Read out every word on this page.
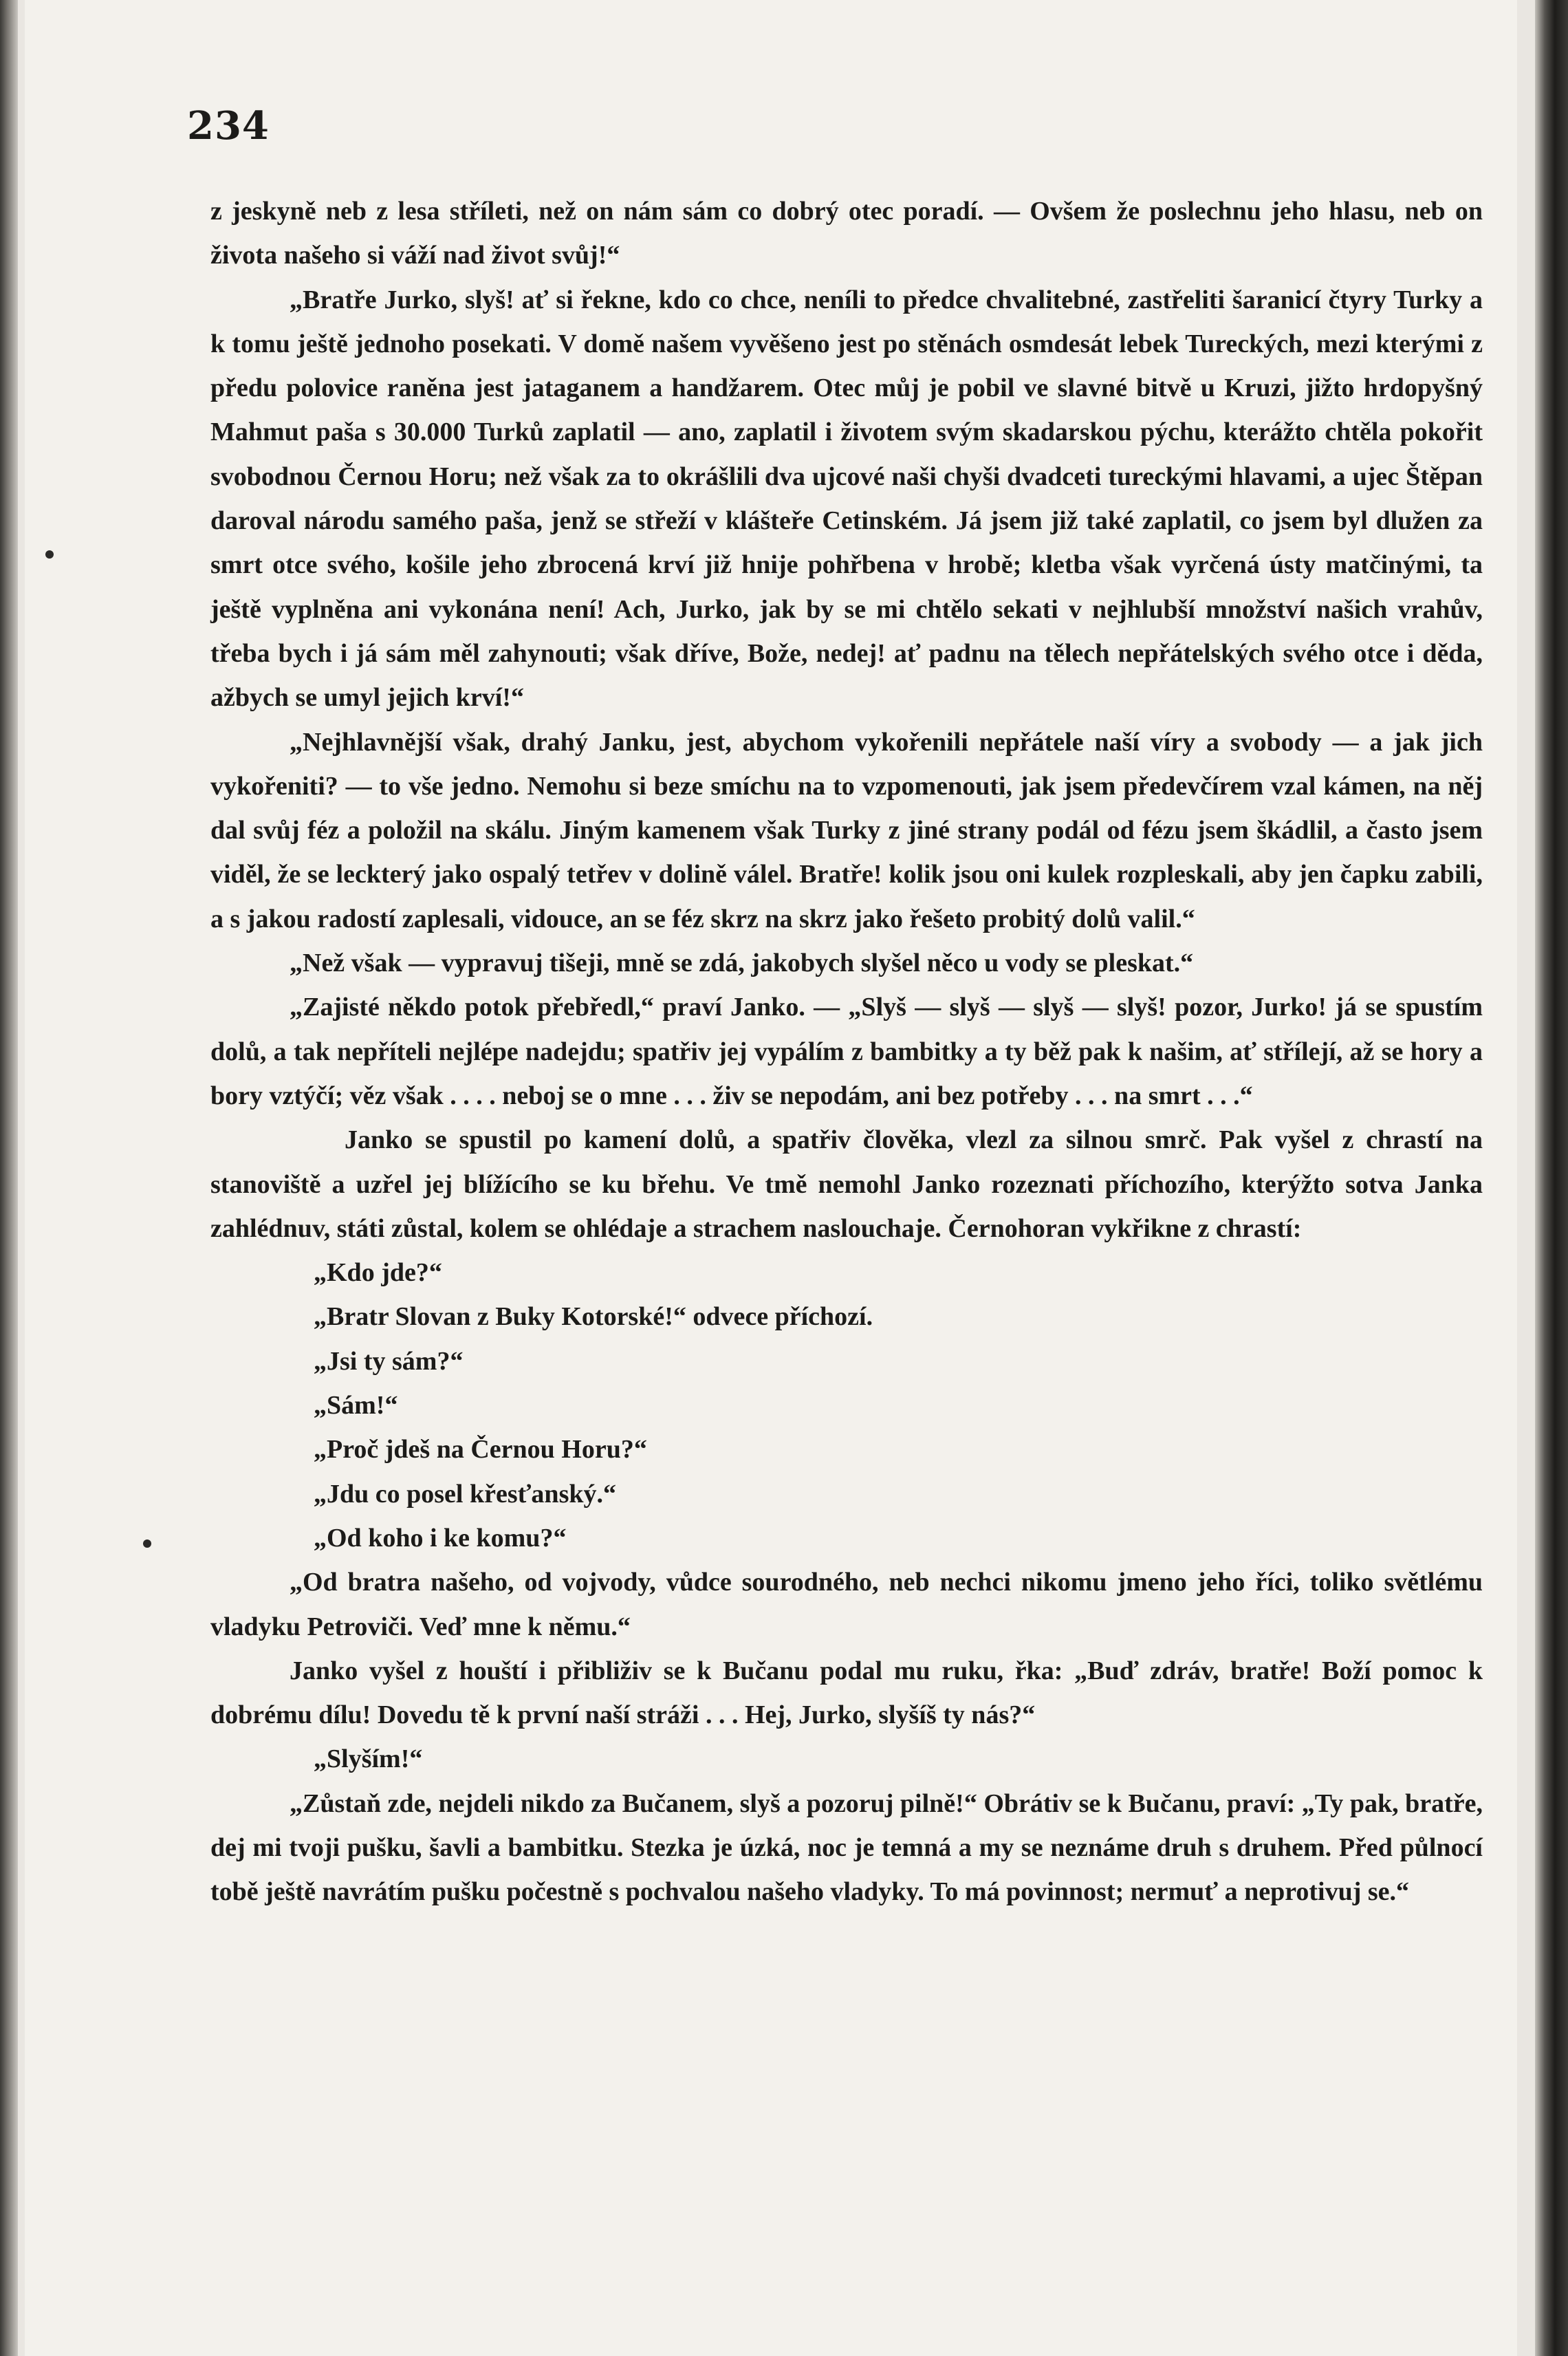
234

z jeskyně neb z lesa stříleti, než on nám sám co dobrý otec poradí. — Ovšem že poslechnu jeho hlasu, neb on života našeho si váží nad život svůj!“

„Bratře Jurko, slyš! ať si řekne, kdo co chce, neníli to předce chvalitebné, zastřeliti šaranicí čtyry Turky a k tomu ještě jednoho posekati. V domě našem vyvěšeno jest po stěnách osmdesát lebek Tureckých, mezi kterými z předu polovice raněna jest jataganem a handžarem. Otec můj je pobil ve slavné bitvě u Kruzi, jižto hrdopyšný Mahmut paša s 30.000 Turků zaplatil — ano, zaplatil i životem svým skadarskou pýchu, kterážto chtěla pokořit svobodnou Černou Horu; než však za to okrášlili dva ujcové naši chyši dvadceti tureckými hlavami, a ujec Štěpan daroval národu samého paša, jenž se střeží v klášteře Cetinském. Já jsem již také zaplatil, co jsem byl dlužen za smrt otce svého, košile jeho zbrocená krví již hnije pohřbena v hrobě; kletba však vyrčená ústy matčinými, ta ještě vyplněna ani vykonána není! Ach, Jurko, jak by se mi chtělo sekati v nejhlubší množství našich vrahův, třeba bych i já sám měl zahynouti; však dříve, Bože, nedej! ať padnu na tělech nepřátelských svého otce i děda, ažbych se umyl jejich krví!“

„Nejhlavnější však, drahý Janku, jest, abychom vykořenili nepřátele naší víry a svobody — a jak jich vykořeniti? — to vše jedno. Nemohu si beze smíchu na to vzpomenouti, jak jsem předevčírem vzal kámen, na něj dal svůj féz a položil na skálu. Jiným kamenem však Turky z jiné strany podál od fézu jsem škádlil, a často jsem viděl, že se leckterý jako ospalý tetřev v dolině válel. Bratře! kolik jsou oni kulek rozpleskali, aby jen čapku zabili, a s jakou radostí zaplesali, vidouce, an se féz skrz na skrz jako řešeto probitý dolů valil.“

„Než však — vypravuj tišeji, mně se zdá, jakobych slyšel něco u vody se pleskat.“

„Zajisté někdo potok přebředl,“ praví Janko. — „Slyš — slyš — slyš — slyš! pozor, Jurko! já se spustím dolů, a tak nepříteli nejlépe nadejdu; spatřiv jej vypálím z bambitky a ty běž pak k našim, ať střílejí, až se hory a bory vztýčí; věz však . . . . neboj se o mne . . . živ se nepodám, ani bez potřeby . . . na smrt . . .“

Janko se spustil po kamení dolů, a spatřiv člověka, vlezl za silnou smrč. Pak vyšel z chrastí na stanoviště a uzřel jej blížícího se ku břehu. Ve tmě nemohl Janko rozeznati příchozího, kterýžto sotva Janka zahlédnuv, státi zůstal, kolem se ohlédaje a strachem naslouchaje. Černohoran vykřikne z chrastí:

„Kdo jde?“

„Bratr Slovan z Buky Kotorské!“ odvece příchozí.

„Jsi ty sám?“

„Sám!“

„Proč jdeš na Černou Horu?“

„Jdu co posel křesťanský.“

„Od koho i ke komu?“

„Od bratra našeho, od vojvody, vůdce sourodného, neb nechci nikomu jmeno jeho říci, toliko světlému vladyku Petroviči. Veď mne k němu.“

Janko vyšel z houští i přibliživ se k Bučanu podal mu ruku, řka: „Buď zdráv, bratře! Boží pomoc k dobrému dílu! Dovedu tě k první naší stráži . . . Hej, Jurko, slyšíš ty nás?“

„Slyším!“

„Zůstaň zde, nejdeli nikdo za Bučanem, slyš a pozoruj pilně!“ Obrátiv se k Bučanu, praví: „Ty pak, bratře, dej mi tvoji pušku, šavli a bambitku. Stezka je úzká, noc je temná a my se neznáme druh s druhem. Před půlnocí tobě ještě navrátím pušku počestně s pochvalou našeho vladyky. To má povinnost; nermuť a neprotivuj se.“
